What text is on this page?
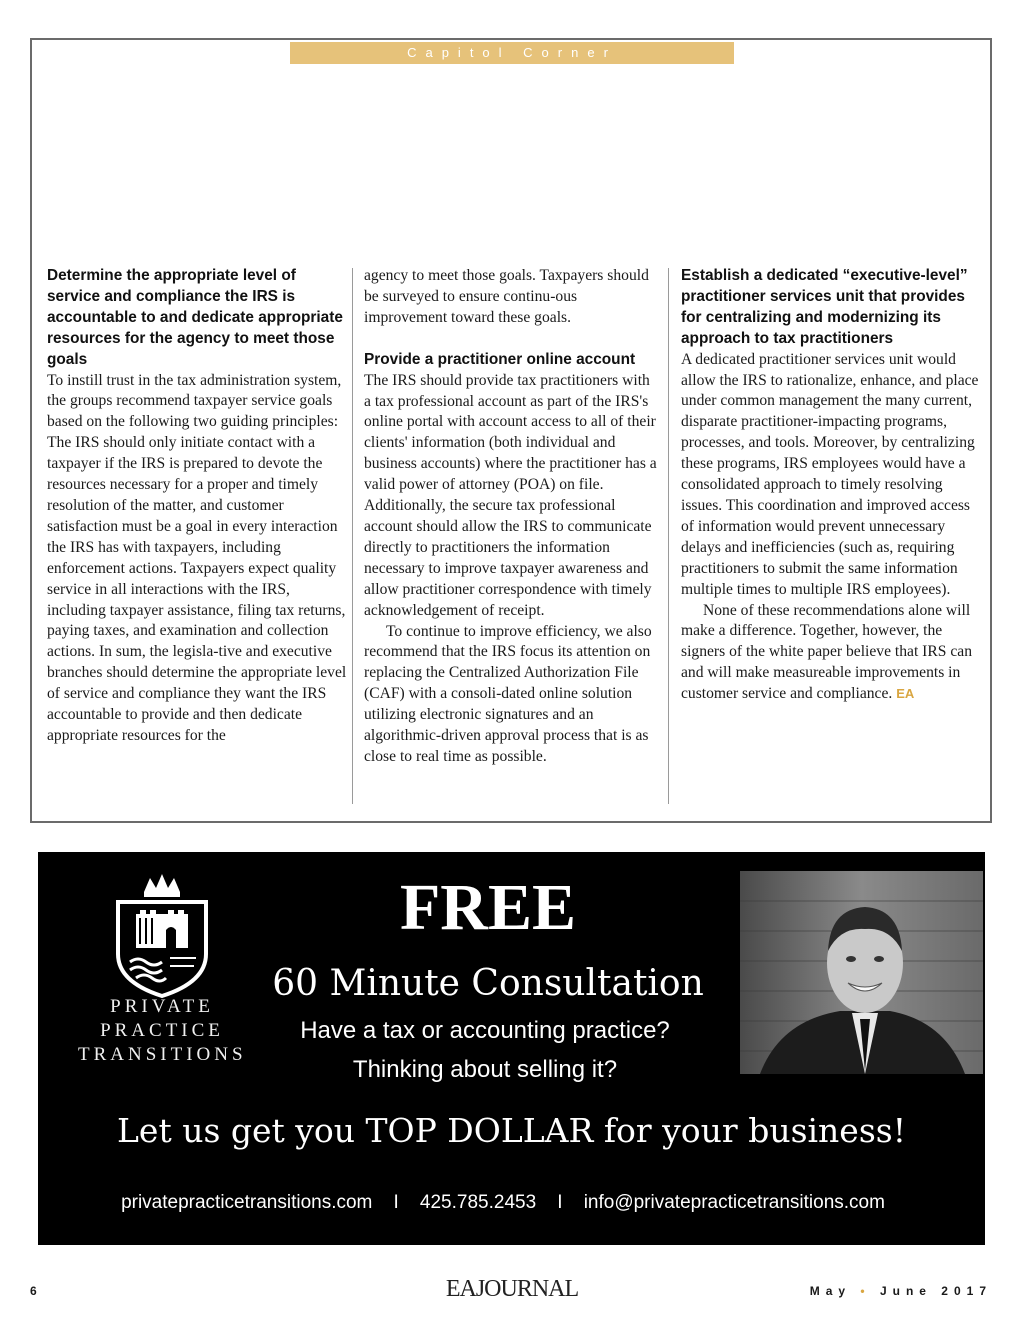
Capitol Corner
Determine the appropriate level of service and compliance the IRS is accountable to and dedicate appropriate resources for the agency to meet those goals

To instill trust in the tax administration system, the groups recommend taxpayer service goals based on the following two guiding principles: The IRS should only initiate contact with a taxpayer if the IRS is prepared to devote the resources necessary for a proper and timely resolution of the matter, and customer satisfaction must be a goal in every interaction the IRS has with taxpayers, including enforcement actions. Taxpayers expect quality service in all interactions with the IRS, including taxpayer assistance, filing tax returns, paying taxes, and examination and collection actions. In sum, the legisla-tive and executive branches should determine the appropriate level of service and compliance they want the IRS accountable to provide and then dedicate appropriate resources for the

agency to meet those goals. Taxpayers should be surveyed to ensure continu-ous improvement toward these goals.

Provide a practitioner online account

The IRS should provide tax practitioners with a tax professional account as part of the IRS's online portal with account access to all of their clients' information (both individual and business accounts) where the practitioner has a valid power of attorney (POA) on file. Additionally, the secure tax professional account should allow the IRS to communicate directly to practitioners the information necessary to improve taxpayer awareness and allow practitioner correspondence with timely acknowledgement of receipt.

To continue to improve efficiency, we also recommend that the IRS focus its attention on replacing the Centralized Authorization File (CAF) with a consoli-dated online solution utilizing electronic signatures and an algorithmic-driven approval process that is as close to real time as possible.

Establish a dedicated “executive-level” practitioner services unit that provides for centralizing and modernizing its approach to tax practitioners

A dedicated practitioner services unit would allow the IRS to rationalize, enhance, and place under common management the many current, disparate practitioner-impacting programs, processes, and tools. Moreover, by centralizing these programs, IRS employees would have a consolidated approach to timely resolving issues. This coordination and improved access of information would prevent unnecessary delays and inefficiencies (such as, requiring practitioners to submit the same information multiple times to multiple IRS employees).

None of these recommendations alone will make a difference. Together, however, the signers of the white paper believe that IRS can and will make measureable improvements in customer service and compliance. EA

PRIVATE
PRACTICE
TRANSITIONS
FREE
60 Minute Consultation
Have a tax or accounting practice?
Thinking about selling it?
Let us get you TOP DOLLAR for your business!
privatepracticetransitions.com I 425.785.2453 I info@privatepracticetransitions.com
6	EAJOURNAL	May • June 2017
